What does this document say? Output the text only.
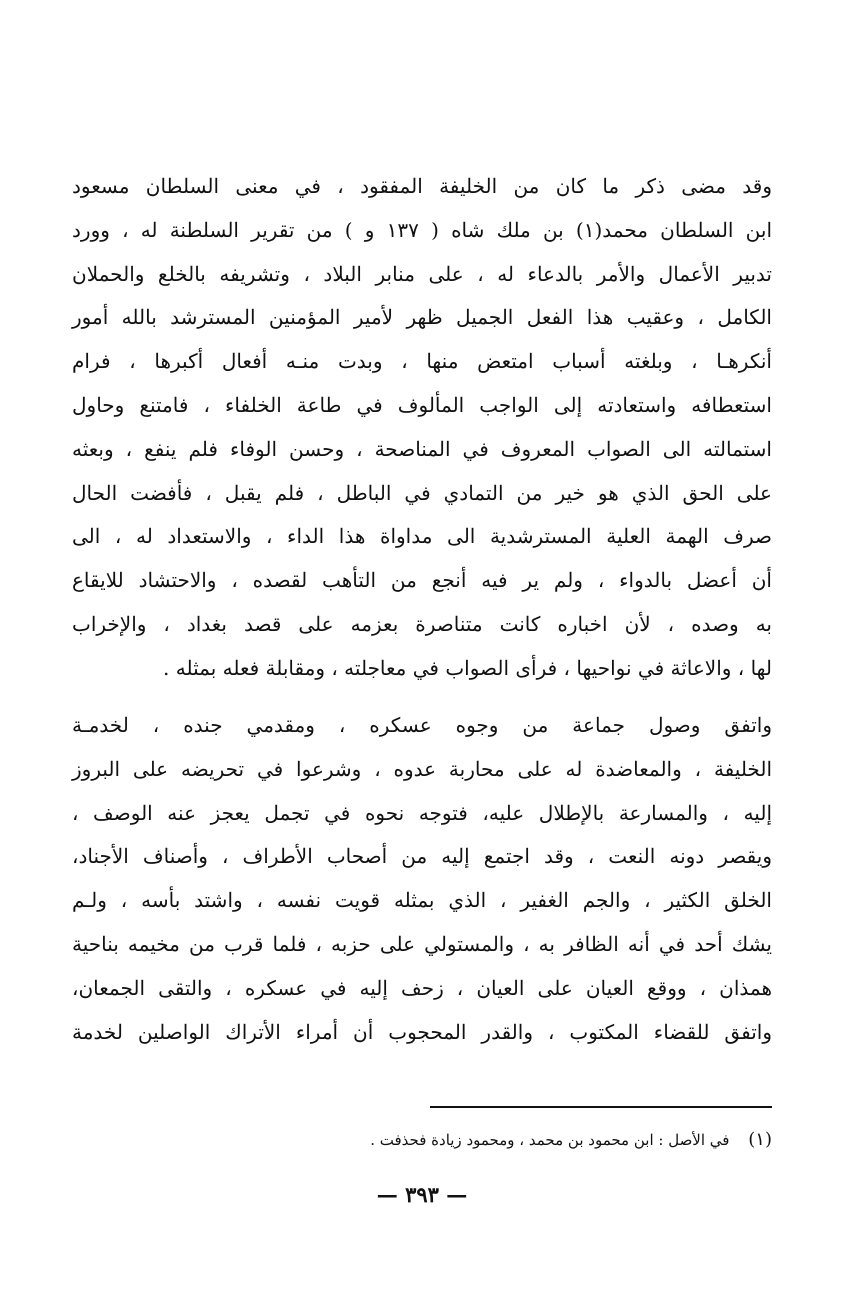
وقد مضى ذكر ما كان من الخليفة المفقود ، في معنى السلطان مسعود
ابن السلطان محمد(١) بن ملك شاه ( ١٣٧ و ) من تقرير السلطنة له ، وورد
تدبير الأعمال والأمر بالدعاء له ، على منابر البلاد ، وتشريفه بالخلع والحملان
الكامل ، وعقيب هذا الفعل الجميل ظهر لأمير المؤمنين المسترشد بالله أمور
أنكرهـا ، وبلغته أسباب امتعض منها ، وبدت منـه أفعال أكبرها ، فرام
استعطافه واستعادته إلى الواجب المألوف في طاعة الخلفاء ، فامتنع وحاول
استمالته الى الصواب المعروف في المناصحة ، وحسن الوفاء فلم ينفع ، وبعثه
على الحق الذي هو خير من التمادي في الباطل ، فلم يقبل ، فأفضت الحال
صرف الهمة العلية المسترشدية الى مداواة هذا الداء ، والاستعداد له ، الى
أن أعضل بالدواء ، ولم ير فيه أنجع من التأهب لقصده ، والاحتشاد للايقاع
به وصده ، لأن اخباره كانت متناصرة بعزمه على قصد بغداد ، والإخراب
لها ، والاعاثة في نواحيها ، فرأى الصواب في معاجلته ، ومقابلة فعله بمثله .
واتفق وصول جماعة من وجوه عسكره ، ومقدمي جنده ، لخدمـة
الخليفة ، والمعاضدة له على محاربة عدوه ، وشرعوا في تحريضه على البروز
إليه ، والمسارعة بالإطلال عليه، فتوجه نحوه في تجمل يعجز عنه الوصف ،
ويقصر دونه النعت ، وقد اجتمع إليه من أصحاب الأطراف ، وأصناف الأجناد،
الخلق الكثير ، والجم الغفير ، الذي بمثله قويت نفسه ، واشتد بأسه ، ولـم
يشك أحد في أنه الظافر به ، والمستولي على حزبه ، فلما قرب من مخيمه بناحية
همذان ، ووقع العيان على العيان ، زحف إليه في عسكره ، والتقى الجمعان،
واتفق للقضاء المكتوب ، والقدر المحجوب أن أمراء الأتراك الواصلين لخدمة
(١) في الأصل : ابن محمود بن محمد ، ومحمود زيادة فحذفت .
— ٣٩٣ —
